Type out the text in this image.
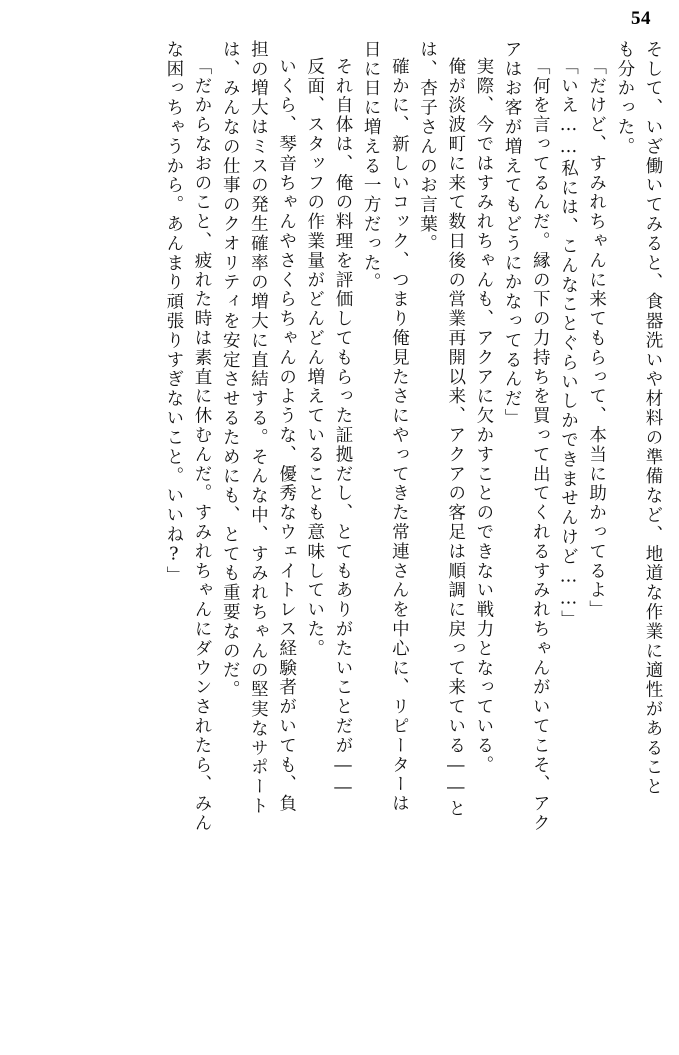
54
そして、いざ働いてみると、食器洗いや材料の準備など、地道な作業に適性があること
も分かった。
「だけど、すみれちゃんに来てもらって、本当に助かってるよ」
「いえ……私には、こんなことぐらいしかできませんけど……」
「何を言ってるんだ。縁の下の力持ちを買って出てくれるすみれちゃんがいてこそ、アク
アはお客が増えてもどうにかなってるんだ」
実際、今ではすみれちゃんも、アクアに欠かすことのできない戦力となっている。
俺が淡波町に来て数日後の営業再開以来、アクアの客足は順調に戻って来ている――と
は、杏子さんのお言葉。
確かに、新しいコック、つまり俺見たさにやってきた常連さんを中心に、リピーターは
日に日に増える一方だった。
それ自体は、俺の料理を評価してもらった証拠だし、とてもありがたいことだが――
反面、スタッフの作業量がどんどん増えていることも意味していた。
いくら、琴音ちゃんやさくらちゃんのような、優秀なウェイトレス経験者がいても、負
担の増大はミスの発生確率の増大に直結する。そんな中、すみれちゃんの堅実なサポート
は、みんなの仕事のクオリティを安定させるためにも、とても重要なのだ。
「だからなおのこと、疲れた時は素直に休むんだ。すみれちゃんにダウンされたら、みん
な困っちゃうから。あんまり頑張りすぎないこと。いいね?」
